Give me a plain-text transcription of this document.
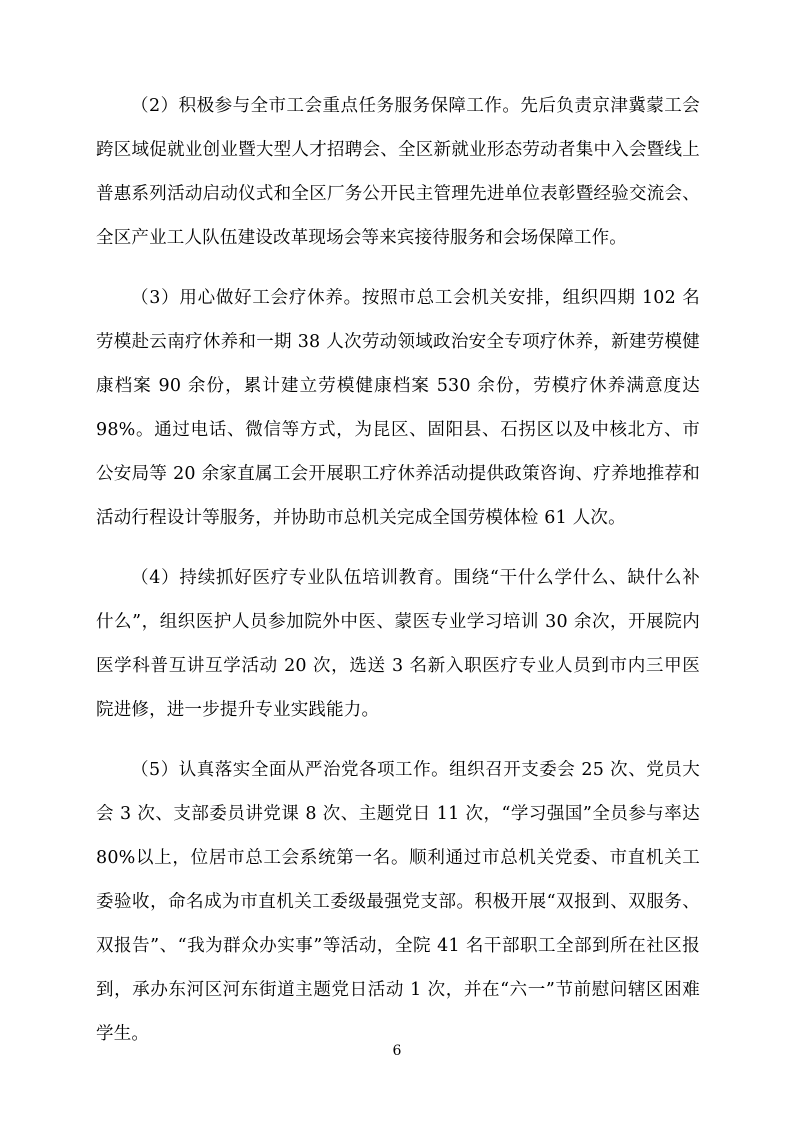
（2）积极参与全市工会重点任务服务保障工作。先后负责京津冀蒙工会跨区域促就业创业暨大型人才招聘会、全区新就业形态劳动者集中入会暨线上普惠系列活动启动仪式和全区厂务公开民主管理先进单位表彰暨经验交流会、全区产业工人队伍建设改革现场会等来宾接待服务和会场保障工作。

（3）用心做好工会疗休养。按照市总工会机关安排，组织四期 102 名劳模赴云南疗休养和一期 38 人次劳动领域政治安全专项疗休养，新建劳模健康档案 90 余份，累计建立劳模健康档案 530 余份，劳模疗休养满意度达 98%。通过电话、微信等方式，为昆区、固阳县、石拐区以及中核北方、市公安局等 20 余家直属工会开展职工疗休养活动提供政策咨询、疗养地推荐和活动行程设计等服务，并协助市总机关完成全国劳模体检 61 人次。

（4）持续抓好医疗专业队伍培训教育。围绕“干什么学什么、缺什么补什么”，组织医护人员参加院外中医、蒙医专业学习培训 30 余次，开展院内医学科普互讲互学活动 20 次，选送 3 名新入职医疗专业人员到市内三甲医院进修，进一步提升专业实践能力。

（5）认真落实全面从严治党各项工作。组织召开支委会 25 次、党员大会 3 次、支部委员讲党课 8 次、主题党日 11 次，“学习强国”全员参与率达 80%以上，位居市总工会系统第一名。顺利通过市总机关党委、市直机关工委验收，命名成为市直机关工委级最强党支部。积极开展“双报到、双服务、双报告”、“我为群众办实事”等活动，全院 41 名干部职工全部到所在社区报到，承办东河区河东街道主题党日活动 1 次，并在“六一”节前慰问辖区困难学生。

6
